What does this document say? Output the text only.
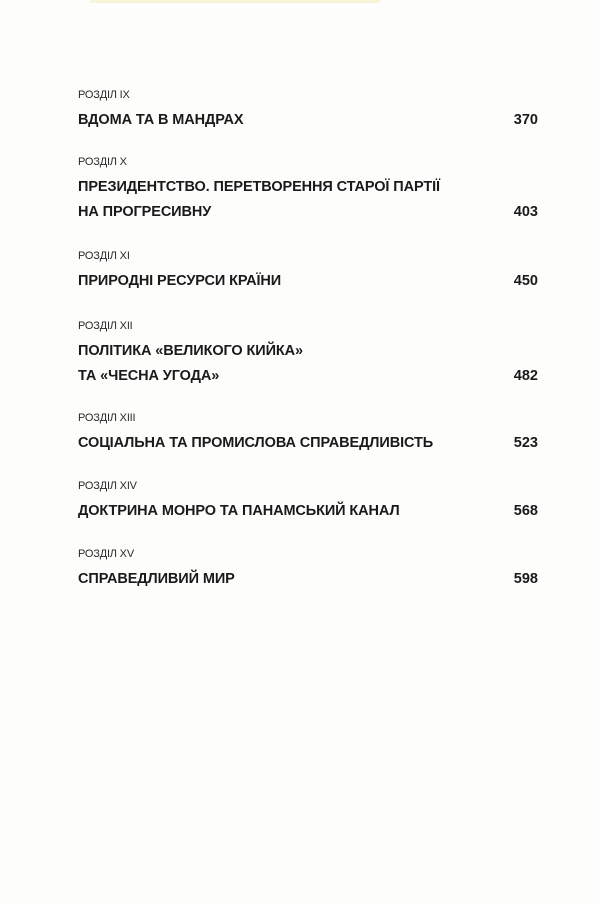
РОЗДІЛ IX
ВДОМА ТА В МАНДРАХ	370
РОЗДІЛ X
ПРЕЗИДЕНТСТВО. ПЕРЕТВОРЕННЯ СТАРОЇ ПАРТІЇ
НА ПРОГРЕСИВНУ	403
РОЗДІЛ XI
ПРИРОДНІ РЕСУРСИ КРАЇНИ	450
РОЗДІЛ XII
ПОЛІТИКА «ВЕЛИКОГО КИЙКА»
ТА «ЧЕСНА УГОДА»	482
РОЗДІЛ XIII
СОЦІАЛЬНА ТА ПРОМИСЛОВА СПРАВЕДЛИВІСТЬ	523
РОЗДІЛ XIV
ДОКТРИНА МОНРО ТА ПАНАМСЬКИЙ КАНАЛ	568
РОЗДІЛ XV
СПРАВЕДЛИВИЙ МИР	598
